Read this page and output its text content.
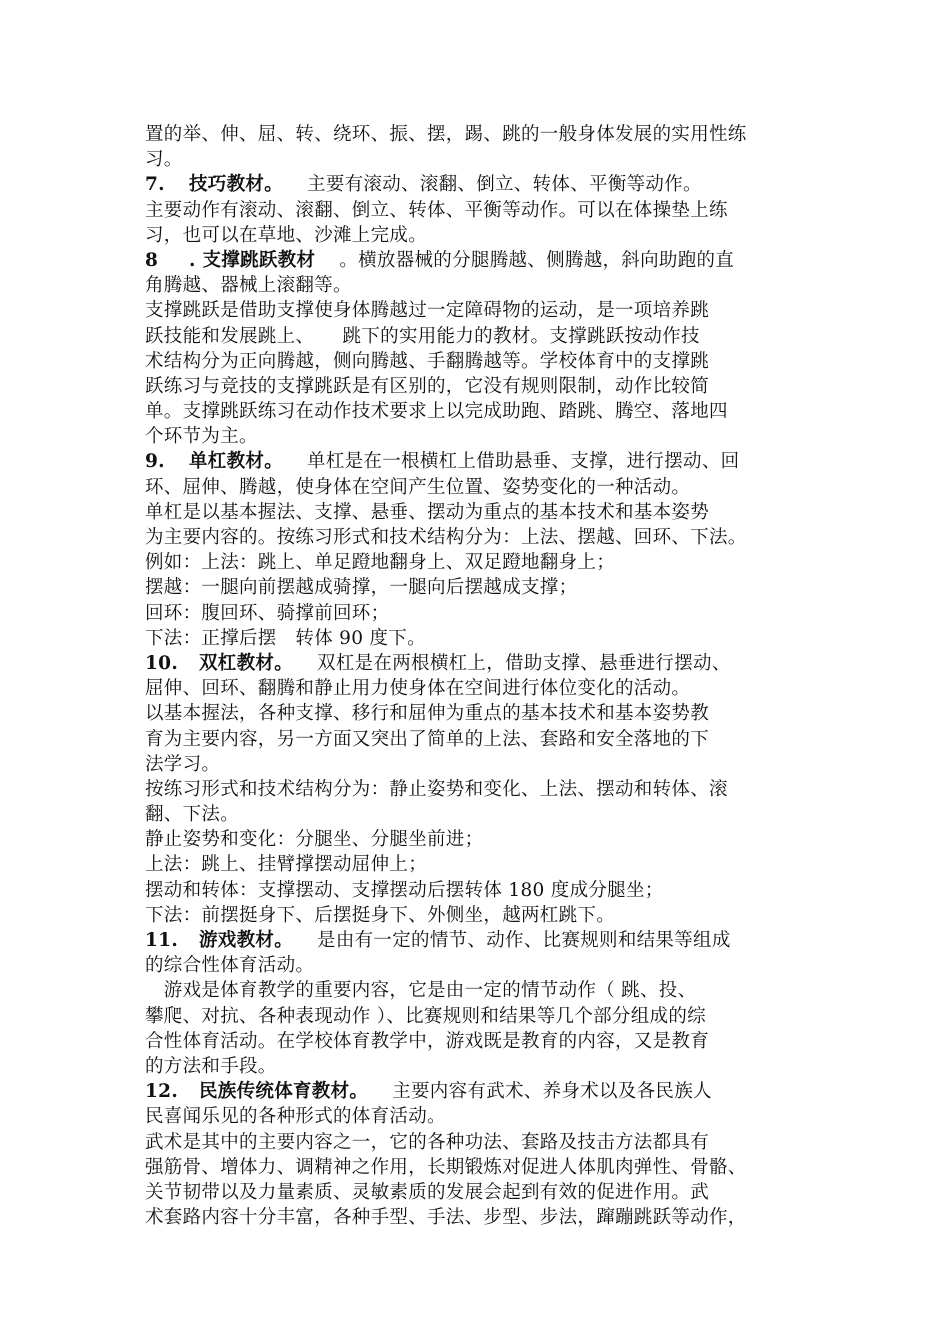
置的举、伸、屈、转、绕环、振、摆，踢、跳的一般身体发展的实用性练
习。
7. 技巧教材。 主要有滚动、滚翻、倒立、转体、平衡等动作。
主要动作有滚动、滚翻、倒立、转体、平衡等动作。可以在体操垫上练
习，也可以在草地、沙滩上完成。
8 . 支撑跳跃教材 。横放器械的分腿腾越、侧腾越，斜向助跑的直
角腾越、器械上滚翻等。
支撑跳跃是借助支撑使身体腾越过一定障碍物的运动，是一项培养跳
跃技能和发展跳上、　　跳下的实用能力的教材。支撑跳跃按动作技
术结构分为正向腾越，侧向腾越、手翻腾越等。学校体育中的支撑跳
跃练习与竞技的支撑跳跃是有区别的，它没有规则限制，动作比较简
单。支撑跳跃练习在动作技术要求上以完成助跑、踏跳、腾空、落地四
个环节为主。
9. 单杠教材。 单杠是在一根横杠上借助悬垂、支撑，进行摆动、回
环、屈伸、腾越，使身体在空间产生位置、姿势变化的一种活动。
单杠是以基本握法、支撑、悬垂、摆动为重点的基本技术和基本姿势
为主要内容的。按练习形式和技术结构分为：上法、摆越、回环、下法。
例如：上法：跳上、单足蹬地翻身上、双足蹬地翻身上；
摆越：一腿向前摆越成骑撑，一腿向后摆越成支撑；
回环：腹回环、骑撑前回环；
下法：正撑后摆　转体 90 度下。
10. 双杠教材。 双杠是在两根横杠上，借助支撑、悬垂进行摆动、
屈伸、回环、翻腾和静止用力使身体在空间进行体位变化的活动。
以基本握法，各种支撑、移行和屈伸为重点的基本技术和基本姿势教
育为主要内容，另一方面又突出了简单的上法、套路和安全落地的下
法学习。
按练习形式和技术结构分为：静止姿势和变化、上法、摆动和转体、滚
翻、下法。
静止姿势和变化：分腿坐、分腿坐前进；
上法：跳上、挂臂撑摆动屈伸上；
摆动和转体：支撑摆动、支撑摆动后摆转体 180 度成分腿坐；
下法：前摆挺身下、后摆挺身下、外侧坐，越两杠跳下。
11. 游戏教材。 是由有一定的情节、动作、比赛规则和结果等组成
的综合性体育活动。
　游戏是体育教学的重要内容，它是由一定的情节动作（ 跳、投、
攀爬、对抗、各种表现动作 ）、比赛规则和结果等几个部分组成的综
合性体育活动。在学校体育教学中，游戏既是教育的内容，又是教育
的方法和手段。
12. 民族传统体育教材。 主要内容有武术、养身术以及各民族人
民喜闻乐见的各种形式的体育活动。
武术是其中的主要内容之一，它的各种功法、套路及技击方法都具有
强筋骨、增体力、调精神之作用，长期锻炼对促进人体肌肉弹性、骨骼、
关节韧带以及力量素质、灵敏素质的发展会起到有效的促进作用。武
术套路内容十分丰富，各种手型、手法、步型、步法，蹿蹦跳跃等动作，
